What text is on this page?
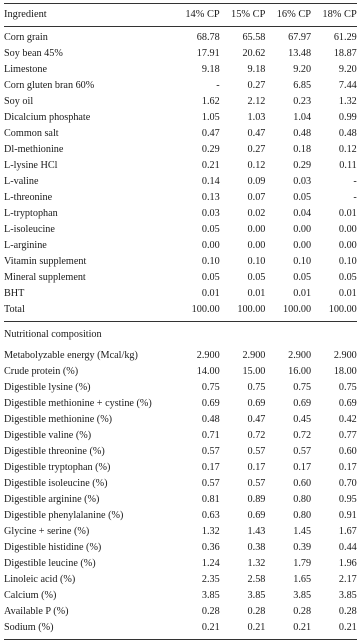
Ingredient	14% CP	15% CP	16% CP	18% CP
Corn grain	68.78	65.58	67.97	61.29
Soy bean 45%	17.91	20.62	13.48	18.87
Limestone	9.18	9.18	9.20	9.20
Corn gluten bran 60%	-	0.27	6.85	7.44
Soy oil	1.62	2.12	0.23	1.32
Dicalcium phosphate	1.05	1.03	1.04	0.99
Common salt	0.47	0.47	0.48	0.48
Dl-methionine	0.29	0.27	0.18	0.12
L-lysine HCl	0.21	0.12	0.29	0.11
L-valine	0.14	0.09	0.03	-
L-threonine	0.13	0.07	0.05	-
L-tryptophan	0.03	0.02	0.04	0.01
L-isoleucine	0.05	0.00	0.00	0.00
L-arginine	0.00	0.00	0.00	0.00
Vitamin supplement	0.10	0.10	0.10	0.10
Mineral supplement	0.05	0.05	0.05	0.05
BHT	0.01	0.01	0.01	0.01
Total	100.00	100.00	100.00	100.00
Nutritional composition
Metabolyzable energy (Mcal/kg)	2.900	2.900	2.900	2.900
Crude protein (%)	14.00	15.00	16.00	18.00
Digestible lysine (%)	0.75	0.75	0.75	0.75
Digestible methionine + cystine (%)	0.69	0.69	0.69	0.69
Digestible methionine (%)	0.48	0.47	0.45	0.42
Digestible valine (%)	0.71	0.72	0.72	0.77
Digestible threonine (%)	0.57	0.57	0.57	0.60
Digestible tryptophan (%)	0.17	0.17	0.17	0.17
Digestible isoleucine (%)	0.57	0.57	0.60	0.70
Digestible arginine (%)	0.81	0.89	0.80	0.95
Digestible phenylalanine (%)	0.63	0.69	0.80	0.91
Glycine + serine (%)	1.32	1.43	1.45	1.67
Digestible histidine (%)	0.36	0.38	0.39	0.44
Digestible leucine (%)	1.24	1.32	1.79	1.96
Linoleic acid (%)	2.35	2.58	1.65	2.17
Calcium (%)	3.85	3.85	3.85	3.85
Available P (%)	0.28	0.28	0.28	0.28
Sodium (%)	0.21	0.21	0.21	0.21
